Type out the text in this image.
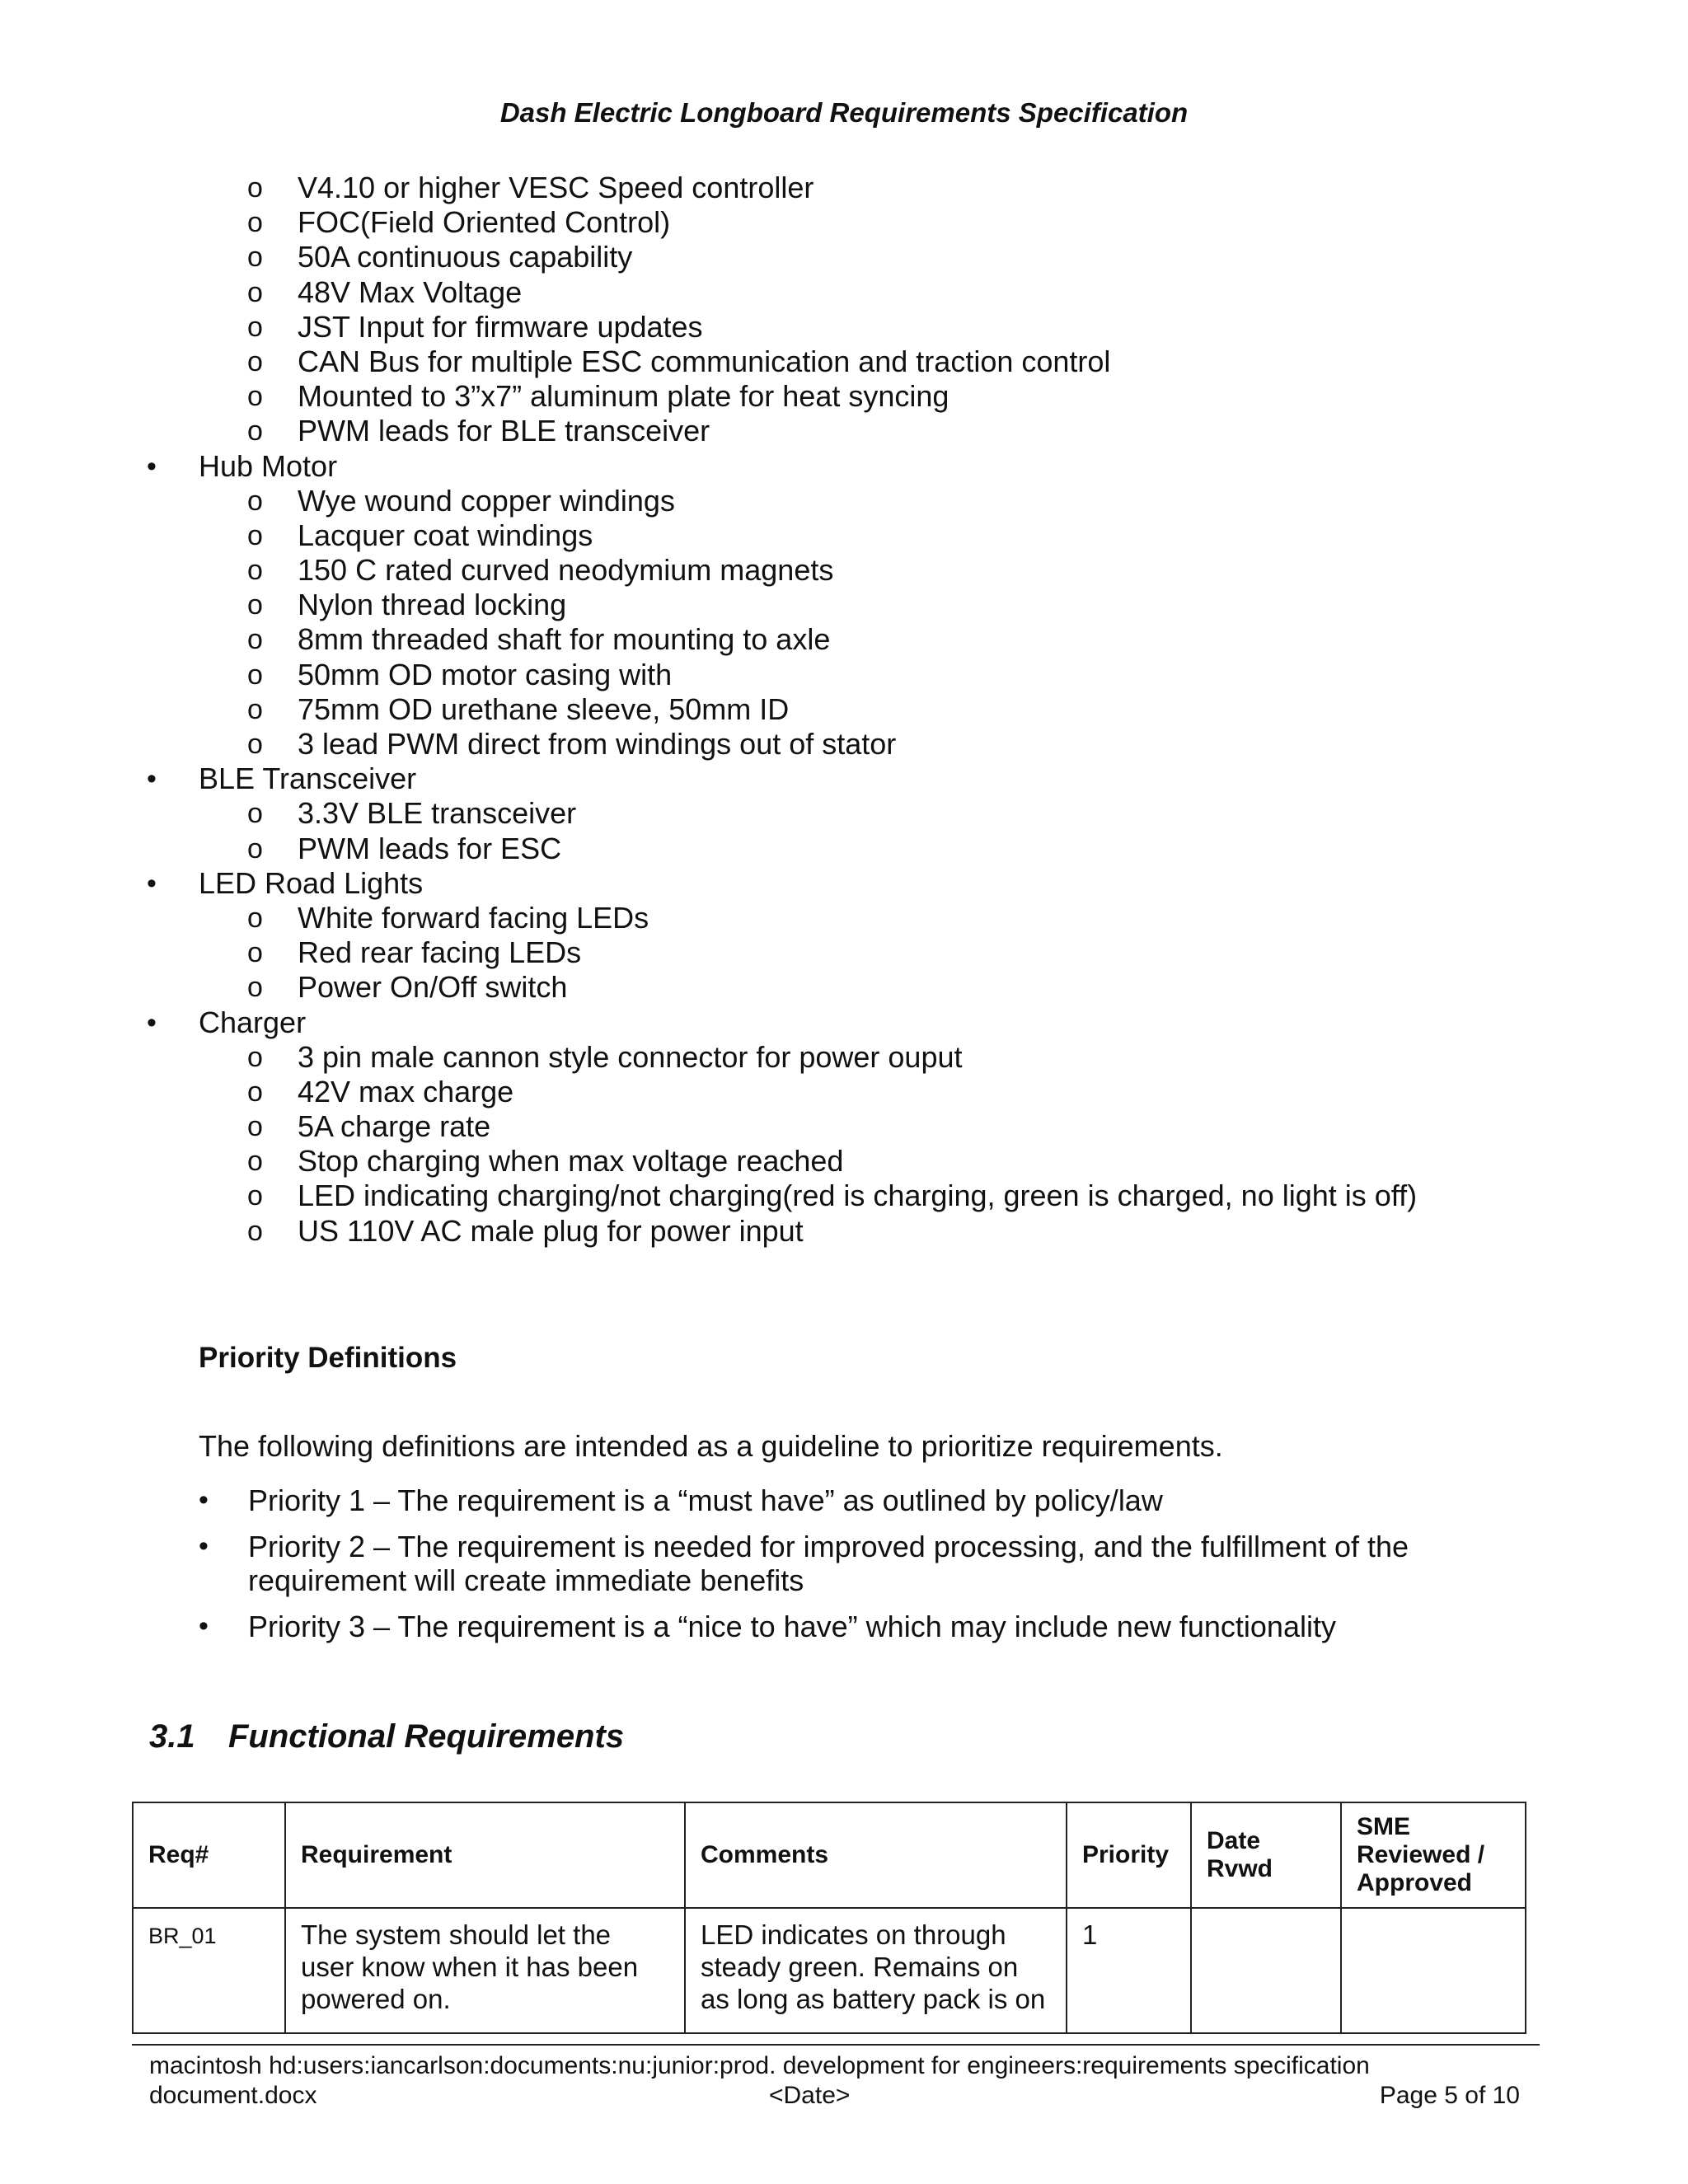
Dash Electric Longboard Requirements Specification
o V4.10 or higher VESC Speed controller
o FOC(Field Oriented Control)
o 50A continuous capability
o 48V Max Voltage
o JST Input for firmware updates
o CAN Bus for multiple ESC communication and traction control
o Mounted to 3”x7” aluminum plate for heat syncing
o PWM leads for BLE transceiver
• Hub Motor
o Wye wound copper windings
o Lacquer coat windings
o 150 C rated curved neodymium magnets
o Nylon thread locking
o 8mm threaded shaft for mounting to axle
o 50mm OD motor casing with
o 75mm OD urethane sleeve, 50mm ID
o 3 lead PWM direct from windings out of stator
• BLE Transceiver
o 3.3V BLE transceiver
o PWM leads for ESC
• LED Road Lights
o White forward facing LEDs
o Red rear facing LEDs
o Power On/Off switch
• Charger
o 3 pin male cannon style connector for power ouput
o 42V max charge
o 5A charge rate
o Stop charging when max voltage reached
o LED indicating charging/not charging(red is charging, green is charged, no light is off)
o US 110V AC male plug for power input
Priority Definitions
The following definitions are intended as a guideline to prioritize requirements.
• Priority 1 – The requirement is a “must have” as outlined by policy/law
• Priority 2 – The requirement is needed for improved processing, and the fulfillment of the requirement will create immediate benefits
• Priority 3 – The requirement is a “nice to have” which may include new functionality
3.1 Functional Requirements
Req#	Requirement	Comments	Priority	Date Rvwd	SME Reviewed / Approved
BR_01	The system should let the user know when it has been powered on.	LED indicates on through steady green. Remains on as long as battery pack is on	1		
macintosh hd:users:iancarlson:documents:nu:junior:prod. development for engineers:requirements specification
document.docx	<Date>	Page 5 of 10
